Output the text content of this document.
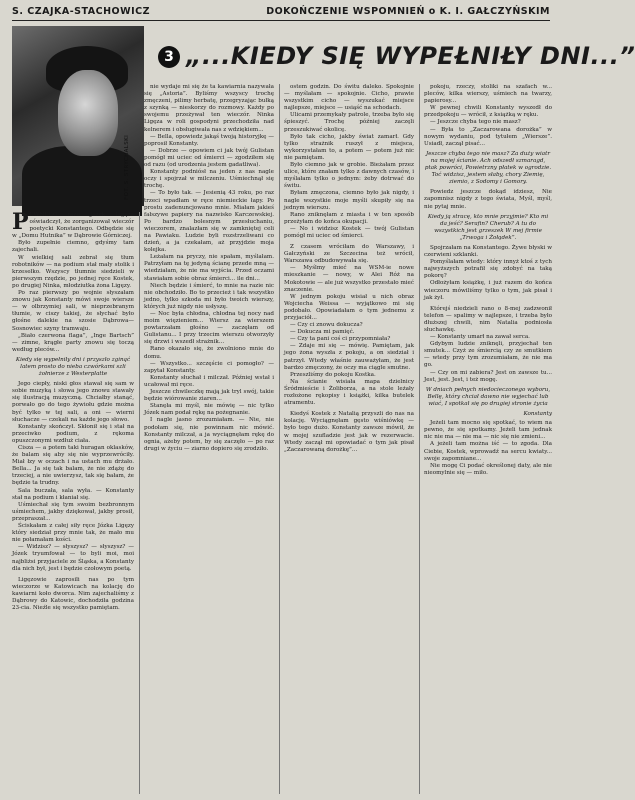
S. CZAJKA-STACHOWICZ	DOKOŃCZENIE WSPOMNIEŃ o K. I. GAŁCZYŃSKIM
FOT. S. STRYCHALSKI
3 „...KIEDY SIĘ WYPEŁNIŁY DNI...”

PEWNEGO razu Józek Ligęza oświadczył, że zorganizował wieczór poetycki Konstantego. Odbędzie się w „Domu Hutnika” w Dąbrowie Górniczej.

Było zupełnie ciemno, gdyśmy tam zajechali.

W wielkiej sali zebrał się tłum robotników — na podium stał mały stolik i krzesełko. Wszyscy tłumnie siedzieli w pierwszym rzędzie, po jednej ręce Kostek, po drugiej Ninka, młodziutka żona Ligęzy.

Po raz pierwszy po wojnie słyszałam znowu jak Konstanty mówi swoje wiersze — w olbrzymiej sali, w nieprzebranym tłumie, w ciszy takiej, że słychać było głośne dalekie na szosie Dąbrowa—Sosnowiec szyny tramwaju.

„Biało czerwona flaga”, „Inge Bartsch” — zimne, krągłe party znowu się toczą według pleców...

Kiedy się wypełniły dni i przyszło zginąć latem prosto do nieba czwórkami szli żołnierze z Westerplatte

Jego ciepły, niski głos stawał się sam w sobie muzyką i słowa jego znowu stawały się ilustracją muzyczną. Chciałby stanąć, porwało go do tego żywiołu gdzie można być tylko w tej sali, a oni — wierni słuchacze — czekali na każde jego słowo.

Konstanty skończył. Skłonił się i stał na przeciwko podium, z rękoma opuszczonymi wzdłuż ciała.

Cisza — a potem taki huragan oklasków, że balam się aby się nie wyprzewróciły. Miał łzy w oczach i na ustach mu drżało. Bella... Ja się tak balam, że nie zdążę do trzeciej, a nie uwierzysz, tak się bałam, że będzie ta trudny.

Sala buczała, sala wyła. — Konstanty stał na podium i kłaniał się.

Uśmiechał się tym swoim bezbronnym uśmiechem, jakby dziękował, jakby prosił, przepraszał...

Ściskałam z całej siły ręce Józka Ligęzy który siedział przy mnie tak, że mało mu nie połamałam kości.

— Widzisz? — słyszysz? — słyszysz? — Józek tryumfował — to byli moi, moi najbliżsi przyjaciele ze Śląska, a Konstanty dla nich był, jest i będzie czołowym poetą.

Ligęzowie zaprosili nas po tym wieczorze w Katowicach na kolację do kawiarni koło dworca. Nim zajechaliśmy z Dąbrowy do Katowic, dochodziła godzina 23-cia. Nieźle się wszystko pamiętam.

nie wydaje mi się że ta kawiarnia nazywała się „Astoria”. Byliśmy wszyscy trochę zmęczeni, pilimy herbatę, przegryzając bułką z szynką — nieskorzy do rozmowy. Każdy po swojemu przeżywał ten wieczór. Ninka Ligęza w roli gospodyni przechodziła nad kelnerem i obsługiwała nas z wdziękiem...

— Bella, opowiedz jakąś twoją historyjkę — poprosił Konstanty.

— Dobrze — opowiem ci jak twój Gulistan pomógł mi uciec od śmierci — zgodziłem się od razu (od urodzenia jestem gadatliwa).

Konstanty podniósł na jeden z nas nagle oczy i spojrzał w milczeniu. Uśmiechnął się trochę.

— To było tak. — Jesienią 43 roku, po raz trzeci wpadłam w ręce niemieckie łapy. Po prostu zadenuncjowano mnie. Miałam jakieś fałszywe papiery na nazwisko Karczewskiej. Po bardzo bolesnym przesłuchaniu, wieczorem, znalazłam się w zamkniętej celi na Pawiaku. Ludzie byli rozstrzeliwani co dzień, a ja czekałam, aż przyjdzie moja kolejka.

Leżałam na pryczy, nie spałam, myślałam. Patrzyłam na tę jedyną ścianę przede mną — wiedziałam, że nie ma wyjścia. Przed oczami stawiałam sobie obraz śmierci... ile dni...

Niech będzie i śmierć, to mnie na razie nic nie obchodziło. Bo to przecież i tak wszystko jedno, tylko szkoda mi było twoich wierszy, których już nigdy nie usłyszę.

— Noc była chłodna, chłodna tej nocy nad moim więzieniem... Wiersz za wierszem powtarzałam głośno — zaczęłam od Gulistanu... I przy trzecim wierszu otworzyły się drzwi i wszedł strażnik...

Rano okazało się, że zwolniono mnie do domu.

— Wszystko... szczęście ci pomogło? — zapytał Konstanty.

Konstanty słuchał i milczał. Później wstał i ucałował mi ręce.

Jeszcze chwileczkę mają jak tryl swój, takie będzie wiórowanie ziaren...

Stanęła mi myśl, nie mówię — nic tylko Józek nam podał rękę na pożegnanie.

I nagle jasno zrozumiałam. — Nie, nie podołam się, nie powinnam nic mówić. Konstanty milczał, a ja wyciągnęłam rękę do ognia, ażeby potem, by się zaczęło — po raz drugi w życiu — ziarno dopiero się zrodziło.

ostem godzin. Do świtu daleko. Spokojnie — myślałam — spokojnie. Cicho, prawie wszystkim cicho — wyszukać miejsce najlepsze, miejsce — usiąść na schodach.

Ulicami przemykały patrole, trzeba było się śpieszyć. Trochę później zaczęli przeszukiwać okolicę.

Było tak cicho, jakby świat zamarł. Gdy tylko strażnik ruszył z miejsca, wykorzystałam to, a potem — potem już nic nie pamiętam.

Było ciemno jak w grobie. Bieżałam przez ulice, które znałam tylko z dawnych czasów, i myślałam tylko o jednym: żeby dotrwać do świtu.

Byłam zmęczona, ciemno było jak nigdy, i nagle wszystkie moje myśli skupiły się na jednym wierszu.

Rano zniknęłam z miasta i w ten sposób przeżyłam do końca okupacji.

— No i widzisz Kostek — twój Gulistan pomógł mi uciec od śmierci.

Z czasem wróciłam do Warszawy, i Gałczyński ze Szczecina też wrócił, Warszawa odbudowywała się.

— Myślmy mieć na WSM-ie nowe mieszkanie — nowy, w Alei Róż na Mokotowie — ale już wszystko przestało mieć znaczenie.

W jednym pokoju wisiał u nich obraz Wojciecha Weissa — wyjątkowo mi się podobało. Opowiadałam o tym jednemu z przyjaciół...

— Czy ci znowu dokucza?

— Dokucza mi pamięć.

— Czy ta pani coś ci przypomniała?

— Zdaje mi się — mówię. Pamiętam, jak jego żona wyszła z pokoju, a on siedział i patrzył. Wtedy właśnie zauważyłam, że jest bardzo zmęczony, że oczy ma ciągle smutne.

Przeszliśmy do pokoju Kostka.

Na ścianie wisiała mapa dzielnicy Śródmieście i Żoliborza, a na stole leżały rozłożone rękopisy i książki, kilka butelek atramentu.

Kiedyś Kostek z Natalią przyszli do nas na kolację. Wyciągnęłam gęsto wiśniówkę — było tego dużo. Konstanty zawsze mówił, że w mojej szufladzie jest jak w rezerwacie. Wtedy zaczął mi opowiadać o tym jak pisał „Zaczarowaną dorożkę”...

pokoju, rzeczy, stoliki na szafach w... pleców, kilka wierszy, uśmiech na twarzy, papierosy...

W pewnej chwili Konstanty wyszedł do przedpokoju — wrócił, z książką w ręku.

— Jeszcze chyba tego nie masz?

— Była to „Zaczarowana dorożka” w nowym wydaniu, pod tytułem „Wiersze”. Usiadł, zaczął pisać...

Jeszcze chyba tego nie masz? Za duży wiatr na mojej ścianie. Ach odszedł szmaragd, ptak powróci, Powietrzny płatek w ogrodzie. Toć widzisz, jestem słaby, chory Ziemię, ziemio, z Sodomy i Gomory.

Powiedz jeszcze dokąd idziesz, Nie zapomnisz nigdy z tego świata, Myśl, myśl, nie pytaj mnie.

Kiedy ją stracę, kto mnie przyjmie? Kto mi da jeść? Serafin? Cherub? A tu do wszystkich jest grzeszek W mej firmie „Trwoga i Żołądek”.

Spojrzałam na Konstantego. Żywe błyski w czerwieni szklanki.

Pomyślałam wtedy: który innyż ktoś z tych najwyższych potrafił się zdobyć na taką pokorę?

Odłożyłam książkę, i już razem do końca wieczoru mówiliśmy tylko o tym, jak pisał i jak żył.

Którejś niedzieli rano o 8-mej zadzwonił telefon — spalimy w najlepsze, i trzeba było dłuższej chwili, nim Natalia podniosła słuchawkę.

— Konstanty umarł na zawał serca.

Gdybym ludzie zniknęli, przyjechał ten smutek... Czyż ze śmiercią czy ze smutkiem — wtedy przy tym zrozumiałam, że nie ma go.

— Czy on mi zabiera? Jest on zawsze tu... Jest, jest. Jest, i też mogę.

W dniach pełnych niedocieczonego wyboru, Bellę, który chciał dawno nie wyjechać lub wiać, I spotkał się po drugiej stronie życia

Konstanty

Jeżeli tam mocno się spotkać, to wiem na pewno, że się spotkamy. Jeżeli tam jednak nic nie ma — nie ma — nic się nie zmieni...

A jeżeli tam można iść — to zgoda. Dla Ciebie, Kostek, wprowadź na sercu kwiaty... swoje zapomniane...

Nie mogę Ci podać określonej daty, ale nie nieomylnie się — miło.
